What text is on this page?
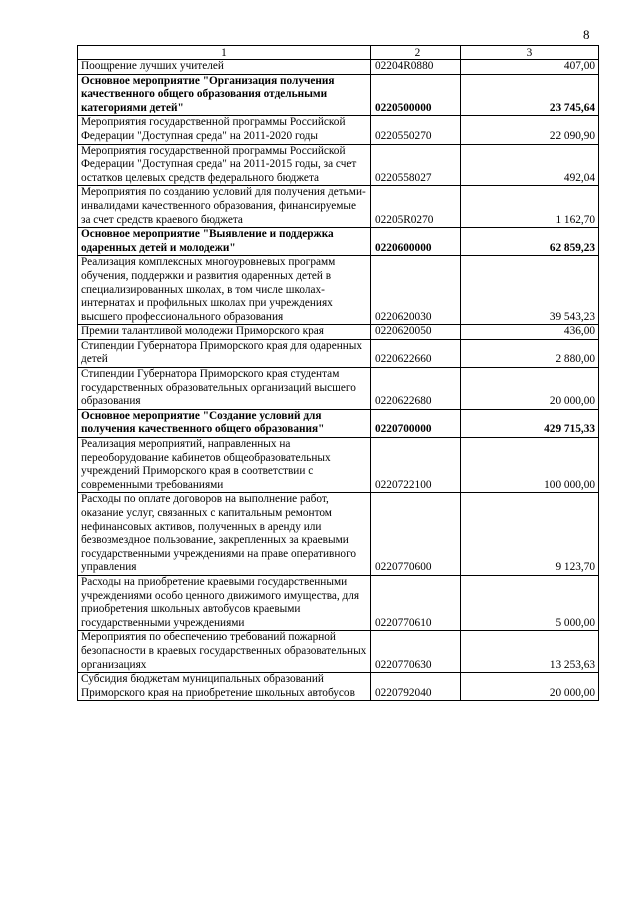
8
1	2	3
Поощрение лучших учителей	02204R0880	407,00
Основное мероприятие "Организация получения качественного общего образования отдельными категориями детей"	0220500000	23 745,64
Мероприятия государственной программы Российской Федерации "Доступная среда" на 2011-2020 годы	0220550270	22 090,90
Мероприятия государственной программы Российской Федерации "Доступная среда" на 2011-2015 годы, за счет остатков целевых средств федерального бюджета	0220558027	492,04
Мероприятия по созданию условий для получения детьми-инвалидами качественного образования, финансируемые за счет средств краевого бюджета	02205R0270	1 162,70
Основное мероприятие "Выявление и поддержка одаренных детей и молодежи"	0220600000	62 859,23
Реализация комплексных многоуровневых программ обучения, поддержки и развития одаренных детей в специализированных школах, в том числе школах-интернатах и профильных школах при учреждениях высшего профессионального образования	0220620030	39 543,23
Премии талантливой молодежи Приморского края	0220620050	436,00
Стипендии Губернатора Приморского края для одаренных детей	0220622660	2 880,00
Стипендии Губернатора Приморского края студентам государственных образовательных организаций высшего образования	0220622680	20 000,00
Основное мероприятие "Создание условий для получения качественного общего образования"	0220700000	429 715,33
Реализация мероприятий, направленных на переоборудование кабинетов общеобразовательных учреждений Приморского края в соответствии с современными требованиями	0220722100	100 000,00
Расходы по оплате договоров на выполнение работ, оказание услуг, связанных с капитальным ремонтом нефинансовых активов, полученных в аренду или безвозмездное пользование, закрепленных за краевыми государственными учреждениями на праве оперативного управления	0220770600	9 123,70
Расходы на приобретение краевыми государственными учреждениями особо ценного движимого имущества, для приобретения школьных автобусов краевыми государственными учреждениями	0220770610	5 000,00
Мероприятия по обеспечению требований пожарной безопасности в краевых государственных образовательных организациях	0220770630	13 253,63
Субсидия бюджетам муниципальных образований Приморского края на приобретение школьных автобусов	0220792040	20 000,00
